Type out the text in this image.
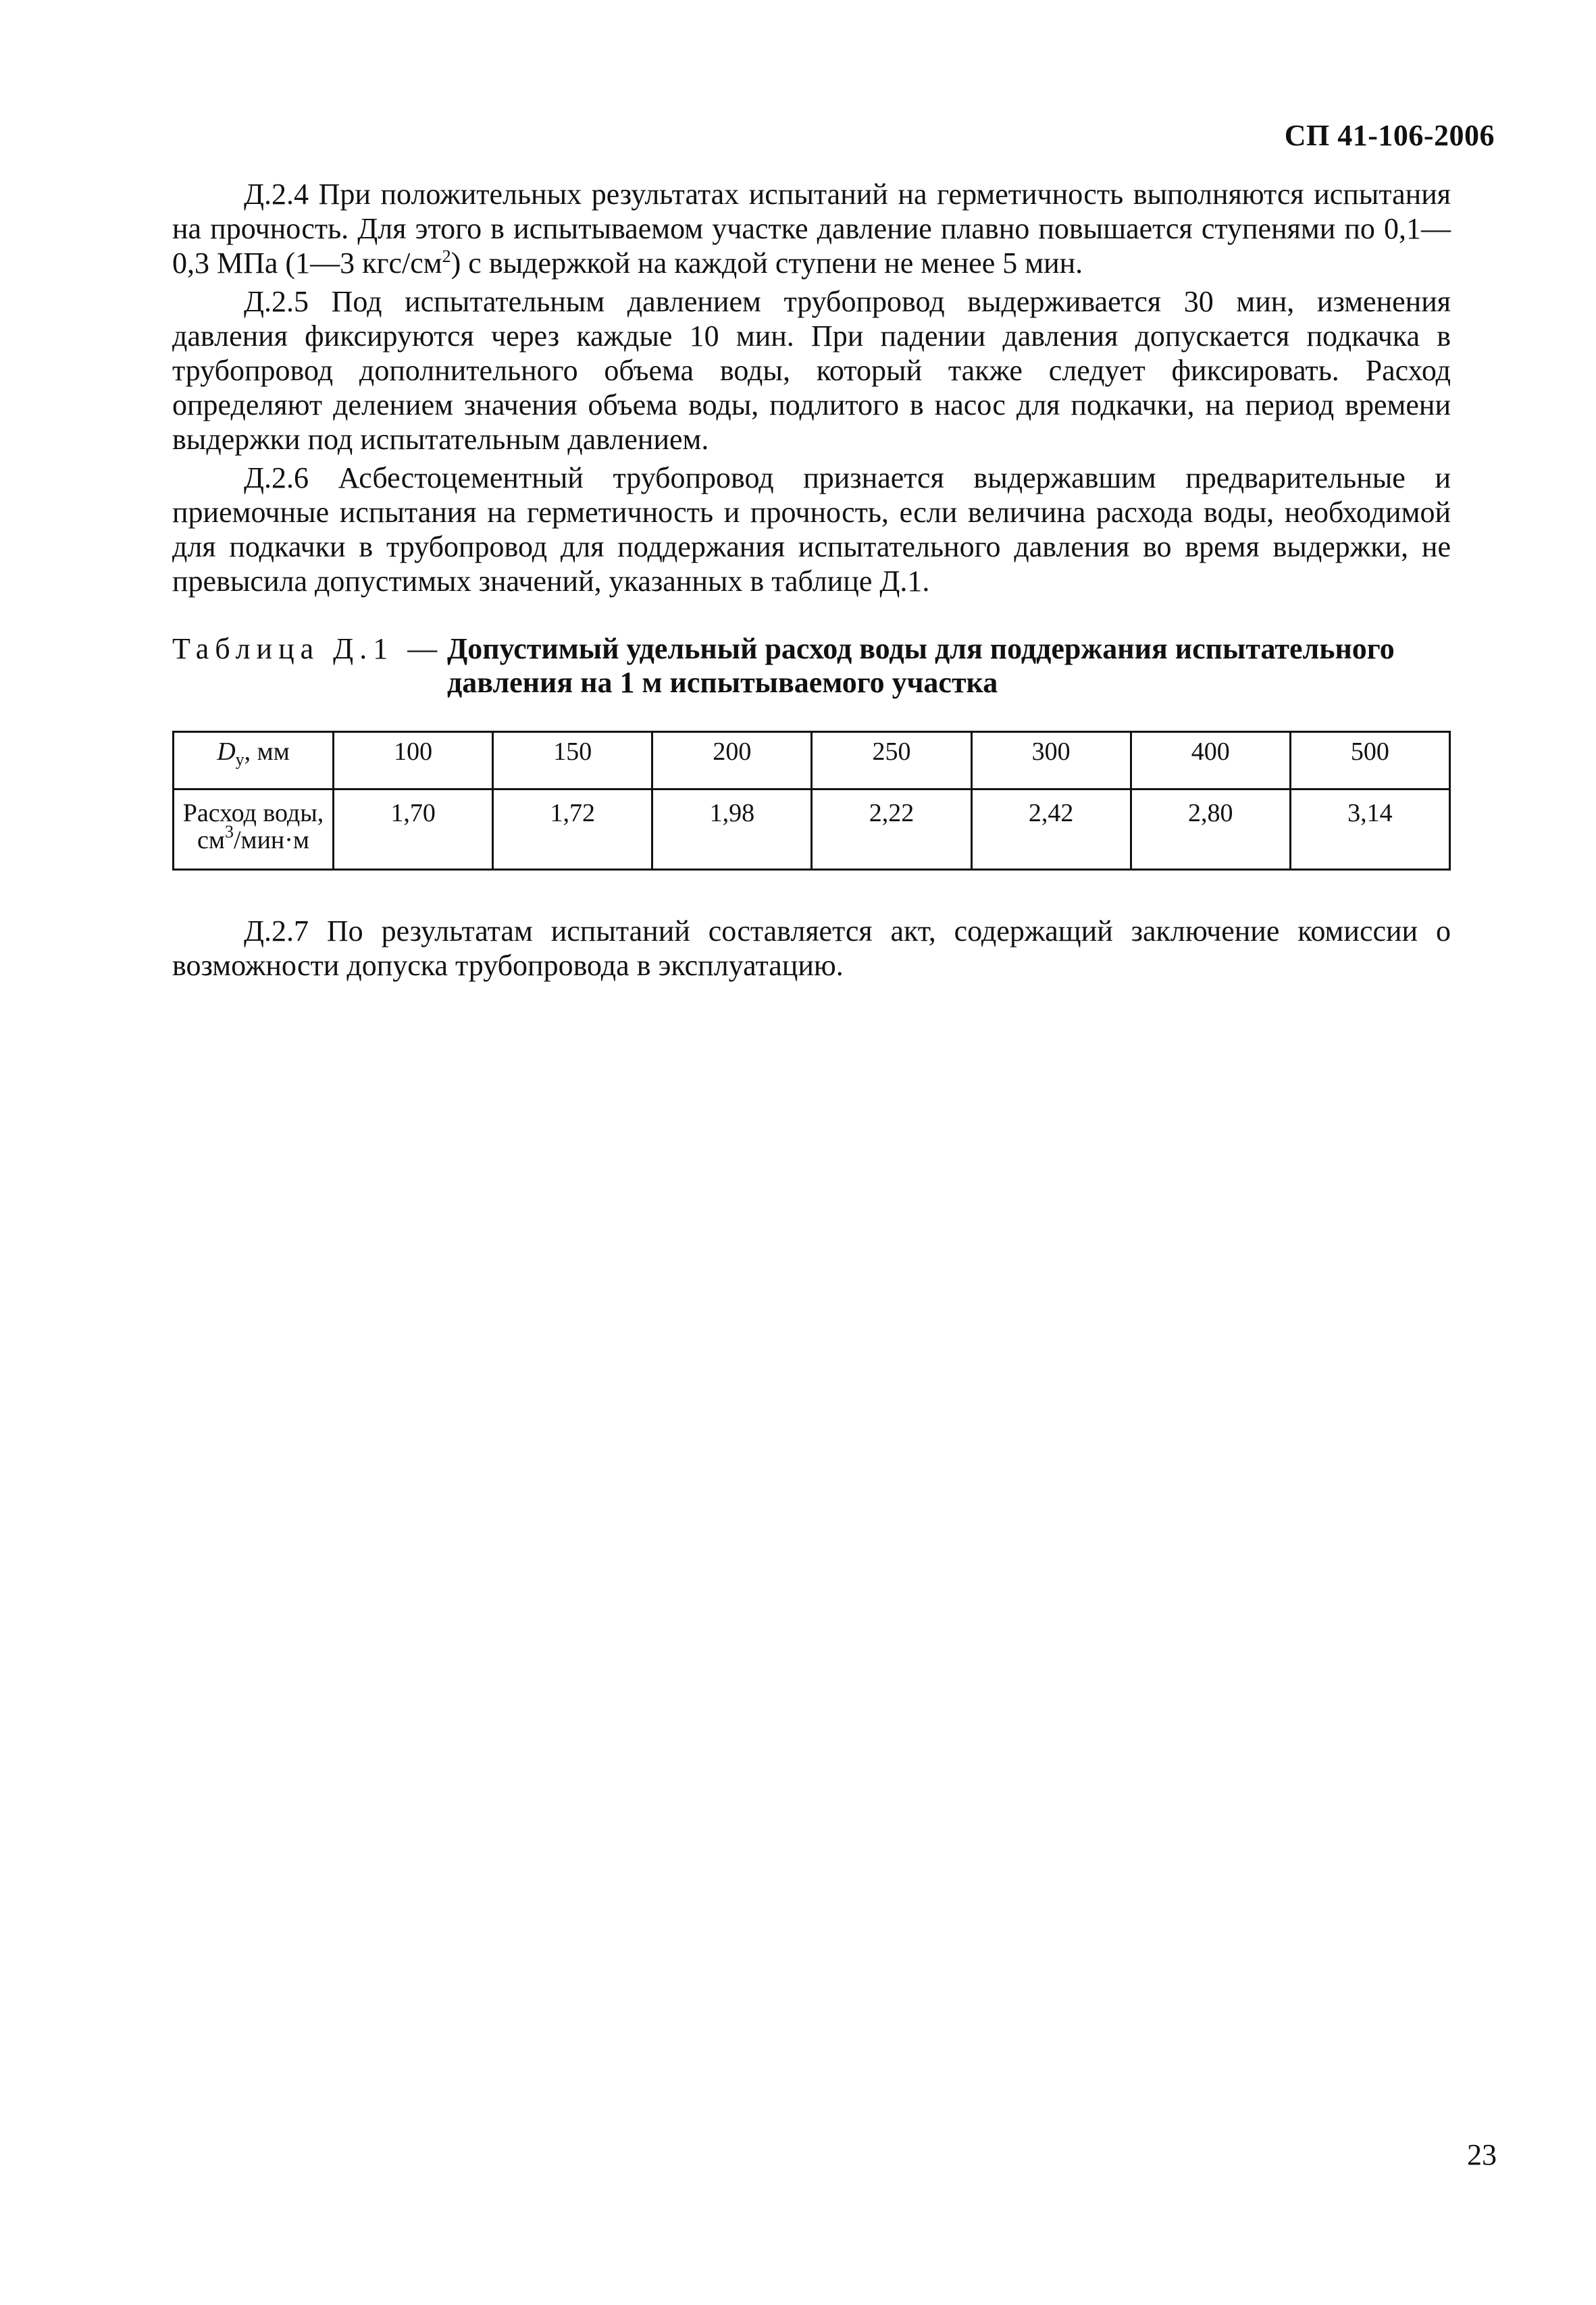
СП 41-106-2006

Д.2.4 При положительных результатах испытаний на герметичность выполняются испытания на прочность. Для этого в испытываемом участке давление плавно повышается ступенями по 0,1—0,3 МПа (1—3 кгс/$см^2$) с выдержкой на каждой ступени не менее 5 мин.

Д.2.5 Под испытательным давлением трубопровод выдерживается 30 мин, изменения давления фиксируются через каждые 10 мин. При падении давления допускается подкачка в трубопровод дополнительного объема воды, который также следует фиксировать. Расход определяют делением значения объема воды, подлитого в насос для подкачки, на период времени выдержки под испытательным давлением.

Д.2.6 Асбестоцементный трубопровод признается выдержавшим предварительные и приемочные испытания на герметичность и прочность, если величина расхода воды, необходимой для подкачки в трубопровод для поддержания испытательного давления во время выдержки, не превысила допустимых значений, указанных в таблице Д.1.

Таблица Д.1 — Допустимый удельный расход воды для поддержания испытательного давления на 1 м испытываемого участка
$D_y$, мм	100	150	200	250	300	400	500
Расход воды,
$см^3/мин\cdot м$	1,70	1,72	1,98	2,22	2,42	2,80	3,14

Д.2.7 По результатам испытаний составляется акт, содержащий заключение комиссии о возможности допуска трубопровода в эксплуатацию.

23
